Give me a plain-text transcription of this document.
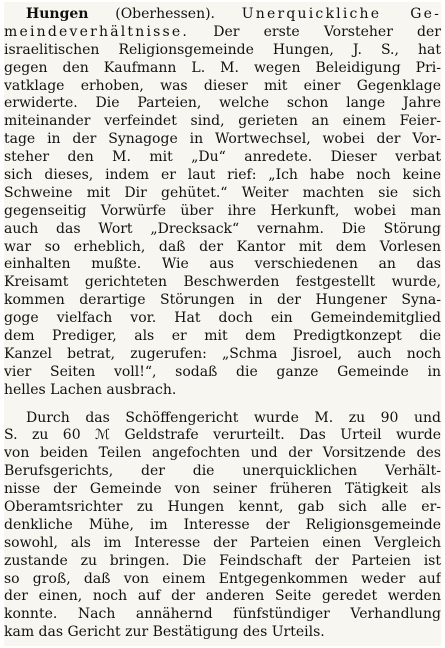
Hungen (Oberhessen). Unerquickliche Ge-
meindeverhältnisse. Der erste Vorsteher der
israelitischen Religionsgemeinde Hungen, J. S., hat
gegen den Kaufmann L. M. wegen Beleidigung Pri-
vatklage erhoben, was dieser mit einer Gegenklage
erwiderte. Die Parteien, welche schon lange Jahre
miteinander verfeindet sind, gerieten an einem Feier-
tage in der Synagoge in Wortwechsel, wobei der Vor-
steher den M. mit „Du“ anredete. Dieser verbat
sich dieses, indem er laut rief: „Ich habe noch keine
Schweine mit Dir gehütet.“ Weiter machten sie sich
gegenseitig Vorwürfe über ihre Herkunft, wobei man
auch das Wort „Drecksack“ vernahm. Die Störung
war so erheblich, daß der Kantor mit dem Vorlesen
einhalten mußte. Wie aus verschiedenen an das
Kreisamt gerichteten Beschwerden festgestellt wurde,
kommen derartige Störungen in der Hungener Syna-
goge vielfach vor. Hat doch ein Gemeindemitglied
dem Prediger, als er mit dem Predigtkonzept die
Kanzel betrat, zugerufen: „Schma Jisroel, auch noch
vier Seiten voll!“, sodaß die ganze Gemeinde in
helles Lachen ausbrach.
Durch das Schöffengericht wurde M. zu 90 und
S. zu 60 ℳ Geldstrafe verurteilt. Das Urteil wurde
von beiden Teilen angefochten und der Vorsitzende des
Berufsgerichts, der die unerquicklichen Verhält-
nisse der Gemeinde von seiner früheren Tätigkeit als
Oberamtsrichter zu Hungen kennt, gab sich alle er-
denkliche Mühe, im Interesse der Religionsgemeinde
sowohl, als im Interesse der Parteien einen Vergleich
zustande zu bringen. Die Feindschaft der Parteien ist
so groß, daß von einem Entgegenkommen weder auf
der einen, noch auf der anderen Seite geredet werden
konnte. Nach annähernd fünfstündiger Verhandlung
kam das Gericht zur Bestätigung des Urteils.
